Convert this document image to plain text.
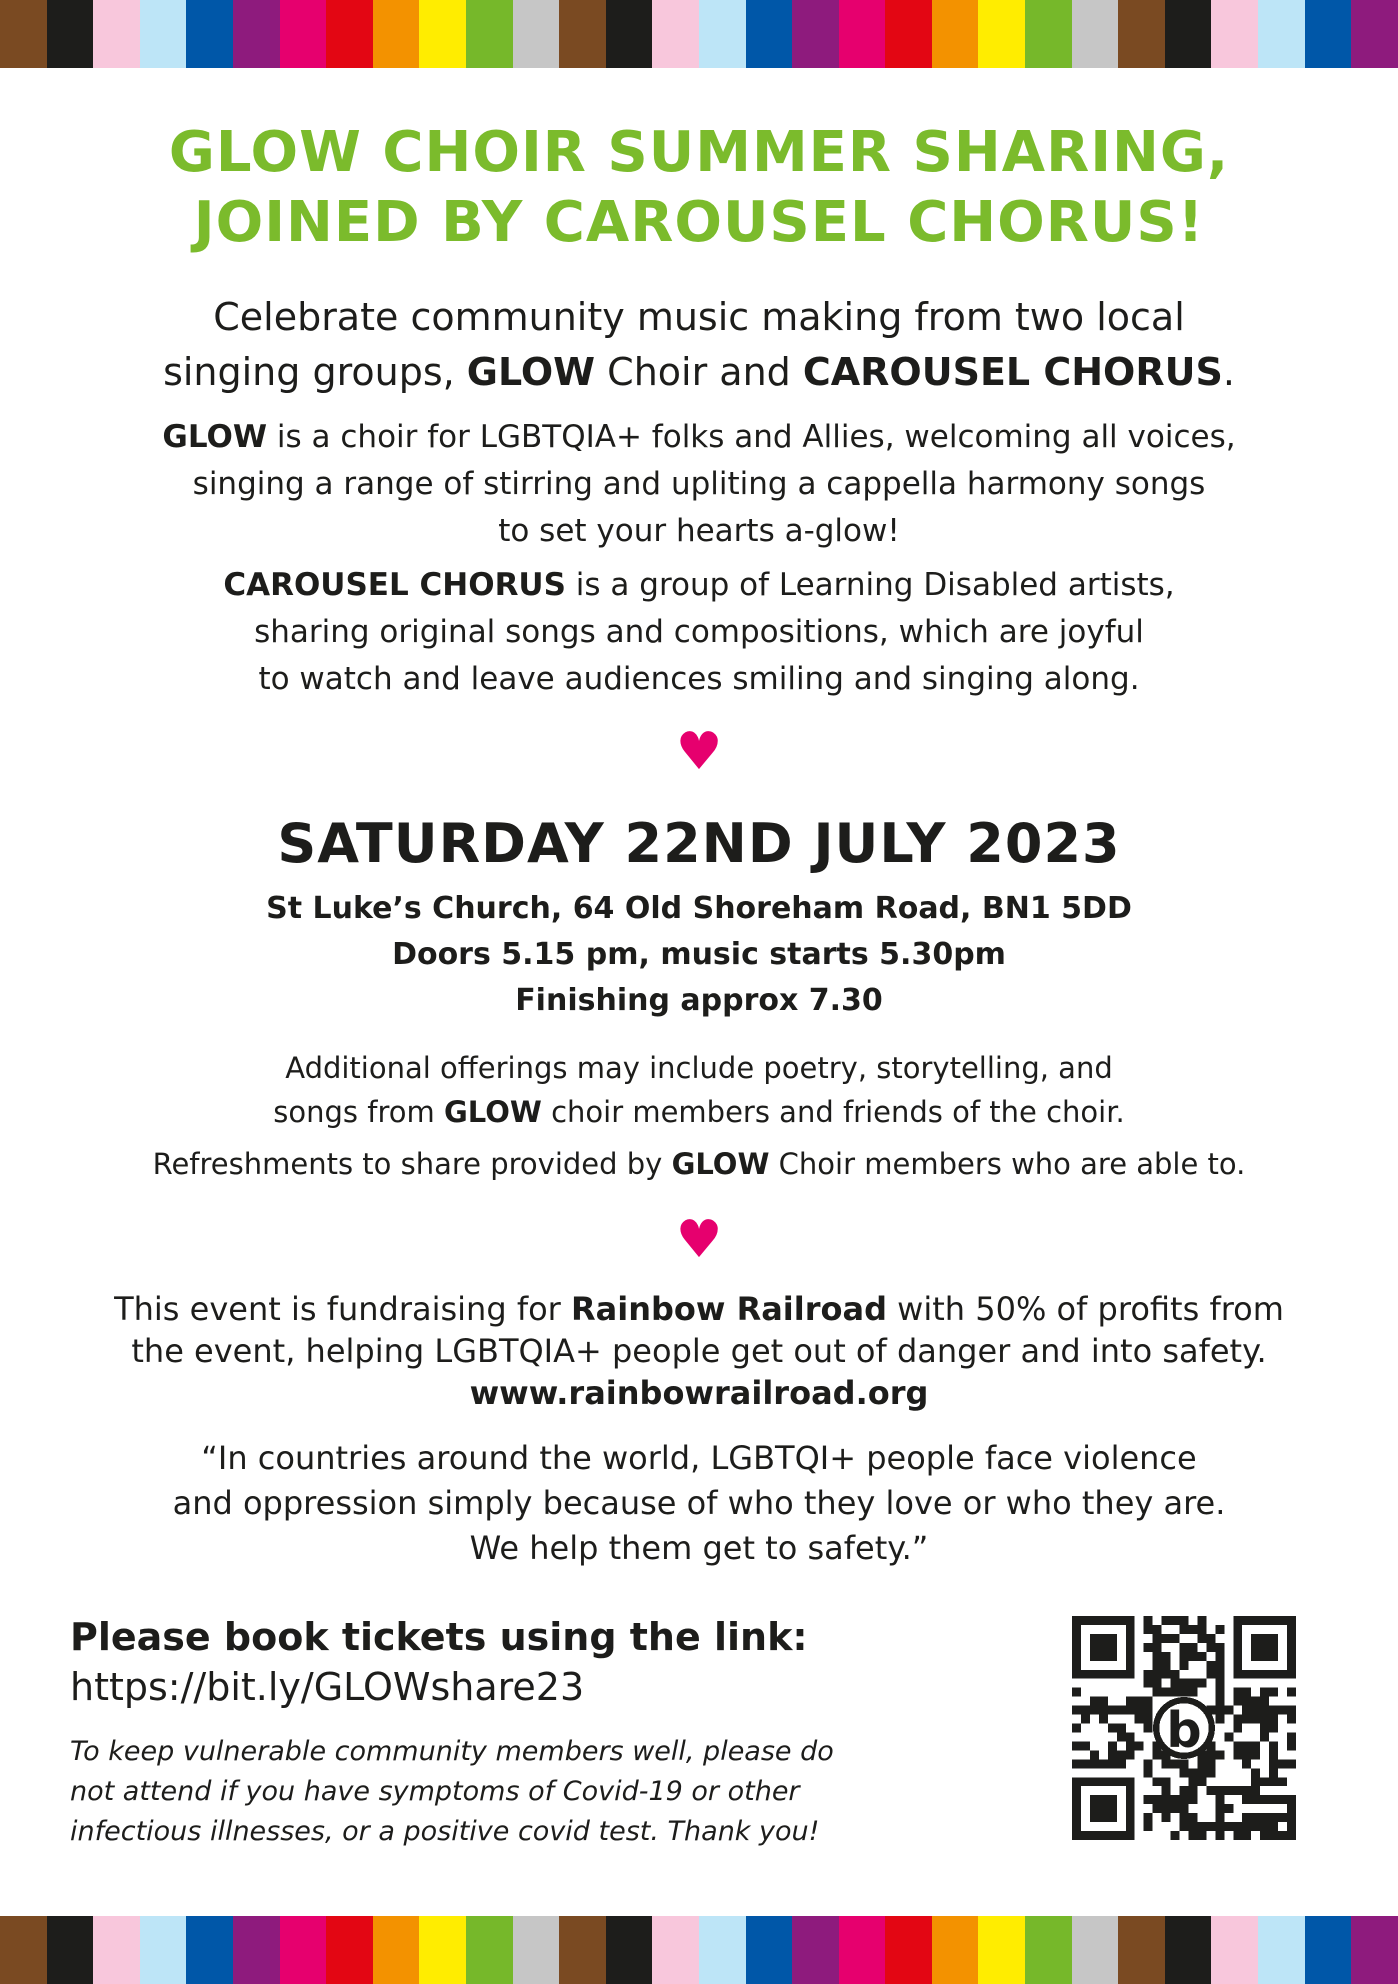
GLOW CHOIR SUMMER SHARING,
JOINED BY CAROUSEL CHORUS!
Celebrate community music making from two local
singing groups, GLOW Choir and CAROUSEL CHORUS.
GLOW is a choir for LGBTQIA+ folks and Allies, welcoming all voices,
singing a range of stirring and upliting a cappella harmony songs
to set your hearts a-glow!
CAROUSEL CHORUS is a group of Learning Disabled artists,
sharing original songs and compositions, which are joyful
to watch and leave audiences smiling and singing along.
♥
SATURDAY 22ND JULY 2023
St Luke’s Church, 64 Old Shoreham Road, BN1 5DD
Doors 5.15 pm, music starts 5.30pm
Finishing approx 7.30
Additional offerings may include poetry, storytelling, and
songs from GLOW choir members and friends of the choir.
Refreshments to share provided by GLOW Choir members who are able to.
♥
This event is fundraising for Rainbow Railroad with 50% of profits from
the event, helping LGBTQIA+ people get out of danger and into safety.
www.rainbowrailroad.org
“In countries around the world, LGBTQI+ people face violence
and oppression simply because of who they love or who they are.
We help them get to safety.”
Please book tickets using the link:
https://bit.ly/GLOWshare23
To keep vulnerable community members well, please do
not attend if you have symptoms of Covid-19 or other
infectious illnesses, or a positive covid test. Thank you!
b
